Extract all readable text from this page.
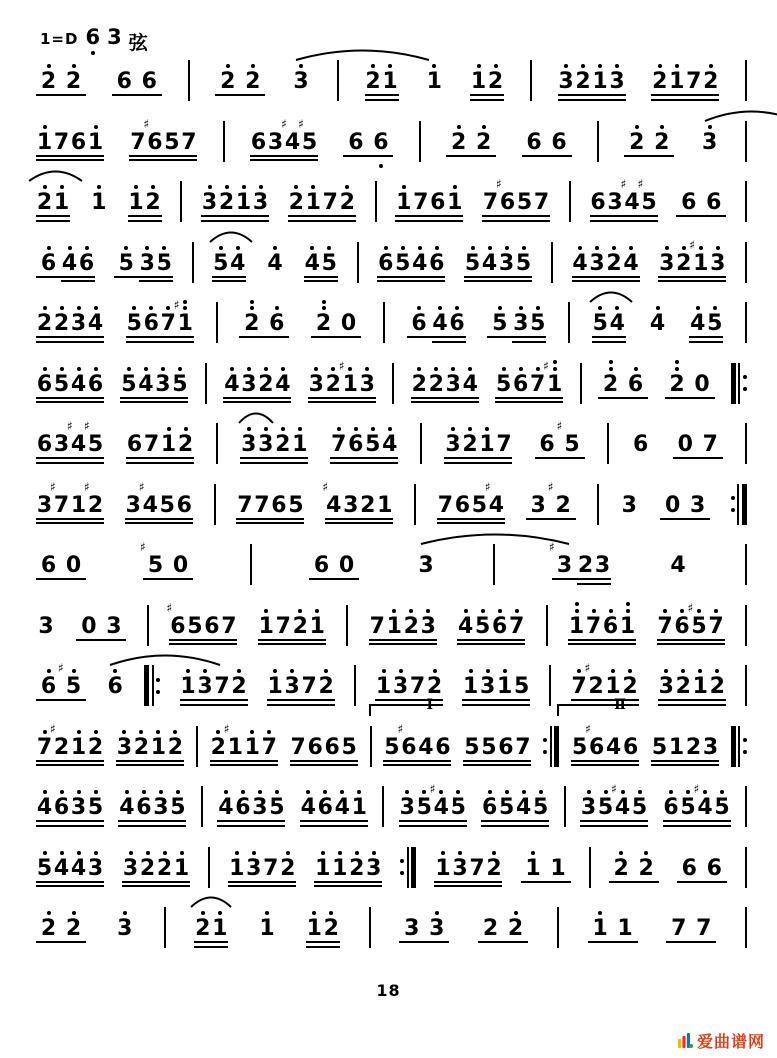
1=D 6 3 弦
2 2 6 6	2 2 3	2 1 1 1 2	3 2 1 3 2 1 7 2
1 7 6 1 7
♯
6 5 7 6 3
♯
4
♯
5 6 6	2 2 6 6	2 2 3
2 1 1 1 2 3 2 1 3 2 1 7 2 1 7 6 1 7
♯
6 5 7 6 3
♯
4
♯
5 6 6
6 4 6 5 3 5 5 4 4 4 5 6 5 4 6 5 4 3 5 4 3 2 4 3 2
♯
1 3
2 2 3 4 5 6 7
♯
1 2 6 2 0	6 4 6 5 3 5 5 4 4 4 5
6 5 4 6 5 4 3 5 4 3 2 4 3 2
♯
1 3 2 2 3 4 5 6 7
♯
1 2 6 2 0
6 3
♯
4
♯
5 6 7 1 2 3 3 2 1 7 6 5 4 3 2 1 7 6
♯
5 6 0 7
3
♯
7 1
♯
2 3
♯
4 5 6 7 7 6 5
♯
4 3 2 1 7 6 5
♯
4 3
♯
2 3 0 3
6 0
♯
5 0	6 0	3
♯
3 2 3	4
3 0 3
♯
6 5 6 7 1 7 2 1 7 1 2 3 4 5 6 7 1 7 6 1 7 6
♯
5 7
6
♯
5 6	1 3 7 2 1 3 7 2 1 3 7 2 1 3 1 5 7
♯
2 1 2 3 2 1 2
7
♯
2 1 2 3 2 1 2 2
♯
1 1 7 7 6 6 5 5
♯
6 4 6
Ⅰ
5 5 6 7 5
♯
6 4 6
Ⅱ
5 1 2 3
4 6 3 5 4 6 3 5 4 6 3 5 4 6 4 1 3 5
♯
4 5 6 5 4 5 3 5
♯
4 5 6 5
♯
4 5
5 4 4 3 3 2 2 1 1 3 7 2 1 1 2 3 1 3 7 2 1 1 2 2 6 6
2 2 3	2 1 1 1 2	3 3 2 2	1 1 7 7
18
爱曲谱网
